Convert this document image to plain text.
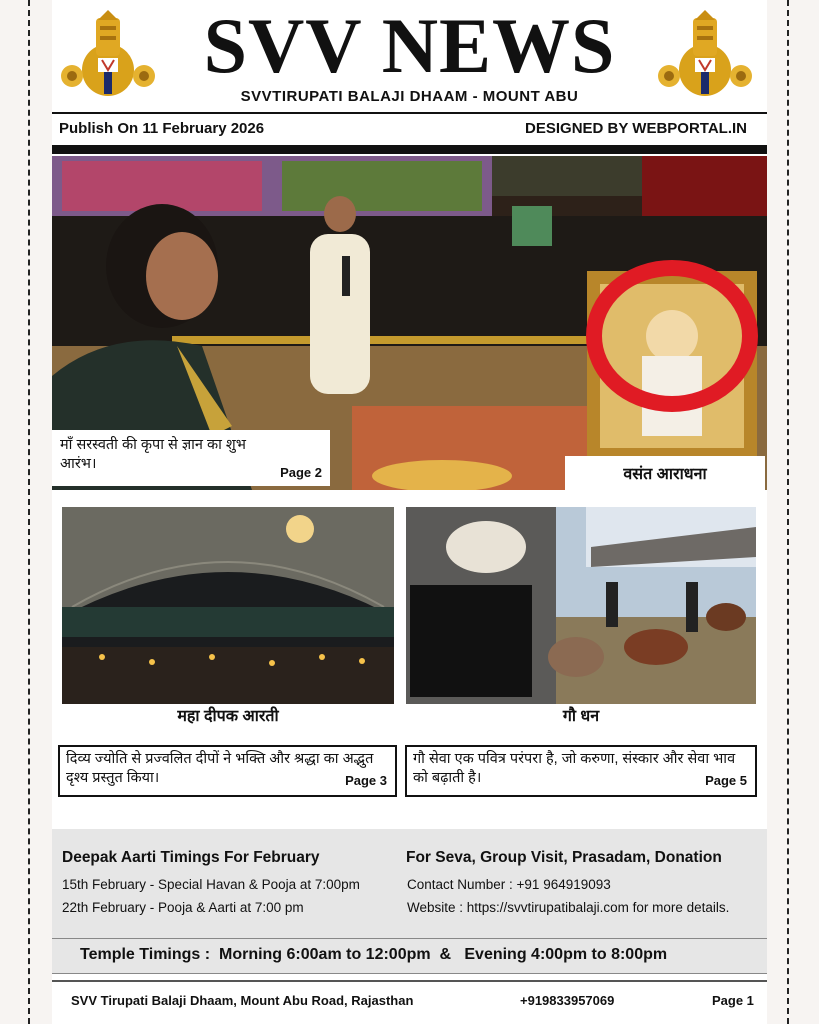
SVV NEWS
SVVTIRUPATI BALAJI DHAAM - MOUNT ABU
Publish On 11 February 2026	DESIGNED BY WEBPORTAL.IN
माँ सरस्वती की कृपा से ज्ञान का शुभ आरंभ।
Page 2	वसंत आराधना
महा दीपक आरती
दिव्य ज्योति से प्रज्वलित दीपों ने भक्ति और श्रद्धा का अद्भुत दृश्य प्रस्तुत किया।	Page 3
गौ धन
गौ सेवा एक पवित्र परंपरा है, जो करुणा, संस्कार और सेवा भाव को बढ़ाती है।	Page 5
Deepak Aarti Timings For February
15th February - Special Havan & Pooja at 7:00pm
22th February - Pooja & Aarti at 7:00 pm
For Seva, Group Visit, Prasadam, Donation
Contact Number : +91 964919093
Website : https://svvtirupatibalaji.com for more details.
Temple Timings :  Morning 6:00am to 12:00pm  &   Evening 4:00pm to 8:00pm
SVV Tirupati Balaji Dhaam, Mount Abu Road, Rajasthan	+919833957069	Page 1
